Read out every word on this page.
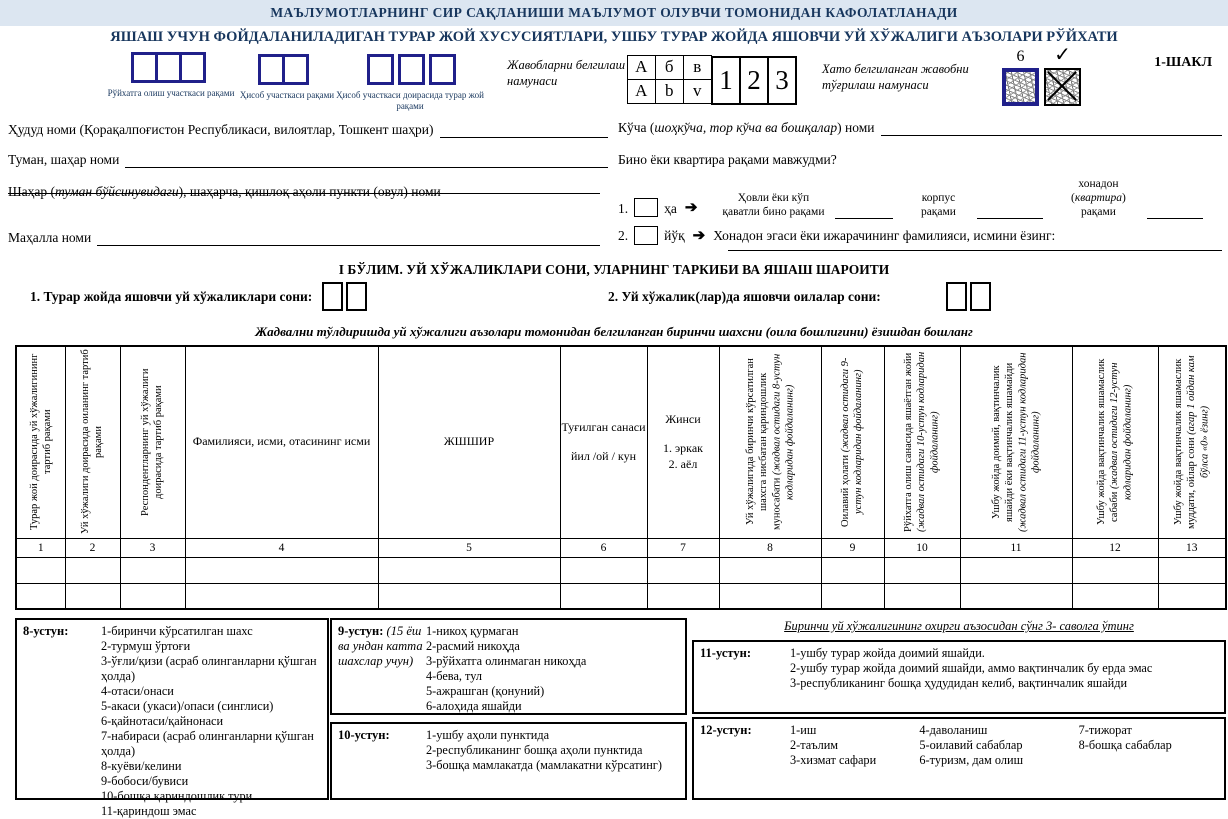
МАЪЛУМОТЛАРНИНГ СИР САҚЛАНИШИ МАЪЛУМОТ ОЛУВЧИ ТОМОНИДАН КАФОЛАТЛАНАДИ
ЯШАШ УЧУН ФОЙДАЛАНИЛАДИГАН ТУРАР ЖОЙ ХУСУСИЯТЛАРИ, УШБУ ТУРАР ЖОЙДА ЯШОВЧИ УЙ ХЎЖАЛИГИ АЪЗОЛАРИ РЎЙХАТИ
1-ШАКЛ
Рўйхатга олиш участкаси рақами Ҳисоб участкаси рақами Ҳисоб участкаси доирасида турар жой рақами
Жавобларни белгилаш намунаси
А	б	в
A	b	v 1 2 3	Хато белгиланган жавобни тўғрилаш намунаси
6	✓
Ҳудуд номи (Қорақалпоғистон Республикаси, вилоятлар, Тошкент шаҳри)
Туман, шаҳар номи
Шаҳар (туман бўйсинувидаги), шаҳарча, қишлоқ аҳоли пункти (овул) номи
Маҳалла номи
Кўча (шоҳкўча, тор кўча ва бошқалар) номи
Бино ёки квартира рақами мавжудми?
1.	ҳа
➔
Ҳовли ёки кўп қаватли бино рақами
корпус рақами
хонадон (квартира) рақами
2.	йўқ ➔ Хонадон эгаси ёки ижарачининг фамилияси, исмини ёзинг:
І БЎЛИМ. УЙ ХЎЖАЛИКЛАРИ СОНИ, УЛАРНИНГ ТАРКИБИ ВА ЯШАШ ШАРОИТИ
1. Турар жойда яшовчи уй хўжаликлари сони:	2. Уй хўжалик(лар)да яшовчи оилалар сони:
Жадвални тўлдиришда уй хўжалиги аъзолари томонидан белгиланган биринчи шахсни (оила бошлиғини) ёзишдан бошланг
Турар жой доирасида уй хўжалигининг тартиб рақами	Уй хўжалиги доирасида оиланинг тартиб рақами	Респондентларнинг уй хўжалиги доирасида тартиб рақами	Фамилияси, исми, отасининг исми	ЖШШИР	Туғилган санаси
йил /ой / кун	Жинси
1. эркак
2. аёл	Уй хўжалигида биринчи кўрсатилган шахсга нисбатан қариндошлик муносабати (жадвал остидаги 8-устун кодларидан фойдаланинг)	Оилавий ҳолати (жадвал остидаги 9-устун кодларидан фойдаланинг)	Рўйхатга олиш санасида яшаётган жойи (жадвал остидаги 10-устун кодларидан фойдаланинг)	Ушбу жойда доимий, вақтинчалик яшайди ёки вақтинчалик яшамайди (жадвал остидаги 11-устун кодларидан фойдаланинг)	Ушбу жойда вақтинчалик яшамаслик сабаби (жадвал остидаги 12-устун кодларидан фойдаланинг)	Ушбу жойда вақтинчалик яшамаслик муддати, ойлар сони (агар 1 ойдан кам бўлса «0» ёзинг)

1	2	3	4	5	6	7	8	9	10	11	12	13

Биринчи уй хўжалигининг охирги аъзосидан сўнг 3- саволга ўтинг
8-устун:	1-биринчи кўрсатилган шахс
2-турмуш ўртоғи
3-ўғли/қизи (асраб олинганларни қўшган ҳолда)
4-отаси/онаси
5-акаси (укаси)/опаси (синглиси)
6-қайнотаси/қайнонаси
7-набираси (асраб олинганларни қўшган ҳолда)
8-куёви/келини
9-бобоси/бувиси
10-бошқа қариндошлик тури
11-қариндош эмас
9-устун: (15 ёш ва ундан катта шахслар учун)
1-никоҳ қурмаган
2-расмий никоҳда
3-рўйхатга олинмаган никоҳда
4-бева, тул
5-ажрашган (қонуний)
6-алоҳида яшайди
10-устун:	1-ушбу аҳоли пунктида
2-республиканинг бошқа аҳоли пунктида
3-бошқа мамлакатда (мамлакатни кўрсатинг)
11-устун:	1-ушбу турар жойда доимий яшайди.
2-ушбу турар жойда доимий яшайди, аммо вақтинчалик бу ерда эмас
3-республиканинг бошқа ҳудудидан келиб, вақтинчалик яшайди
12-устун:	1-иш
2-таълим
3-хизмат сафари
4-даволаниш
5-оилавий сабаблар
6-туризм, дам олиш
7-тижорат
8-бошқа сабаблар
